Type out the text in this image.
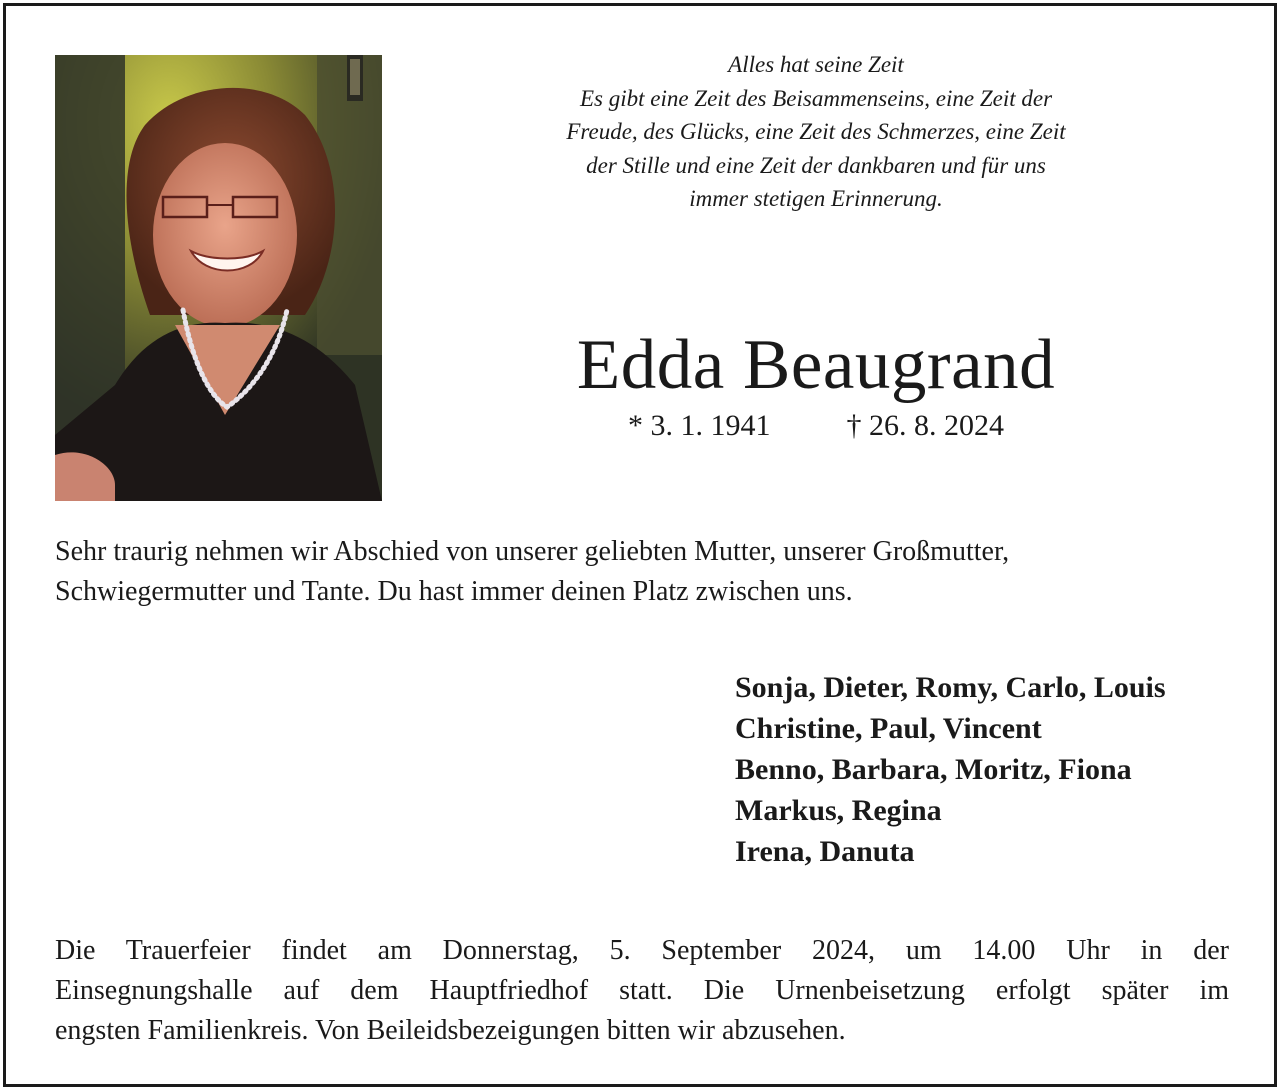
Alles hat seine Zeit
Es gibt eine Zeit des Beisammenseins, eine Zeit der
Freude, des Glücks, eine Zeit des Schmerzes, eine Zeit
der Stille und eine Zeit der dankbaren und für uns
immer stetigen Erinnerung.
Edda Beaugrand
* 3. 1. 1941	† 26. 8. 2024
Sehr traurig nehmen wir Abschied von unserer geliebten Mutter, unserer Großmutter,
Schwiegermutter und Tante. Du hast immer deinen Platz zwischen uns.
Sonja, Dieter, Romy, Carlo, Louis
Christine, Paul, Vincent
Benno, Barbara, Moritz, Fiona
Markus, Regina
Irena, Danuta
Die Trauerfeier findet am Donnerstag, 5. September 2024, um 14.00 Uhr in der
Einsegnungshalle auf dem Hauptfriedhof statt. Die Urnenbeisetzung erfolgt später im
engsten Familienkreis. Von Beileidsbezeigungen bitten wir abzusehen.
